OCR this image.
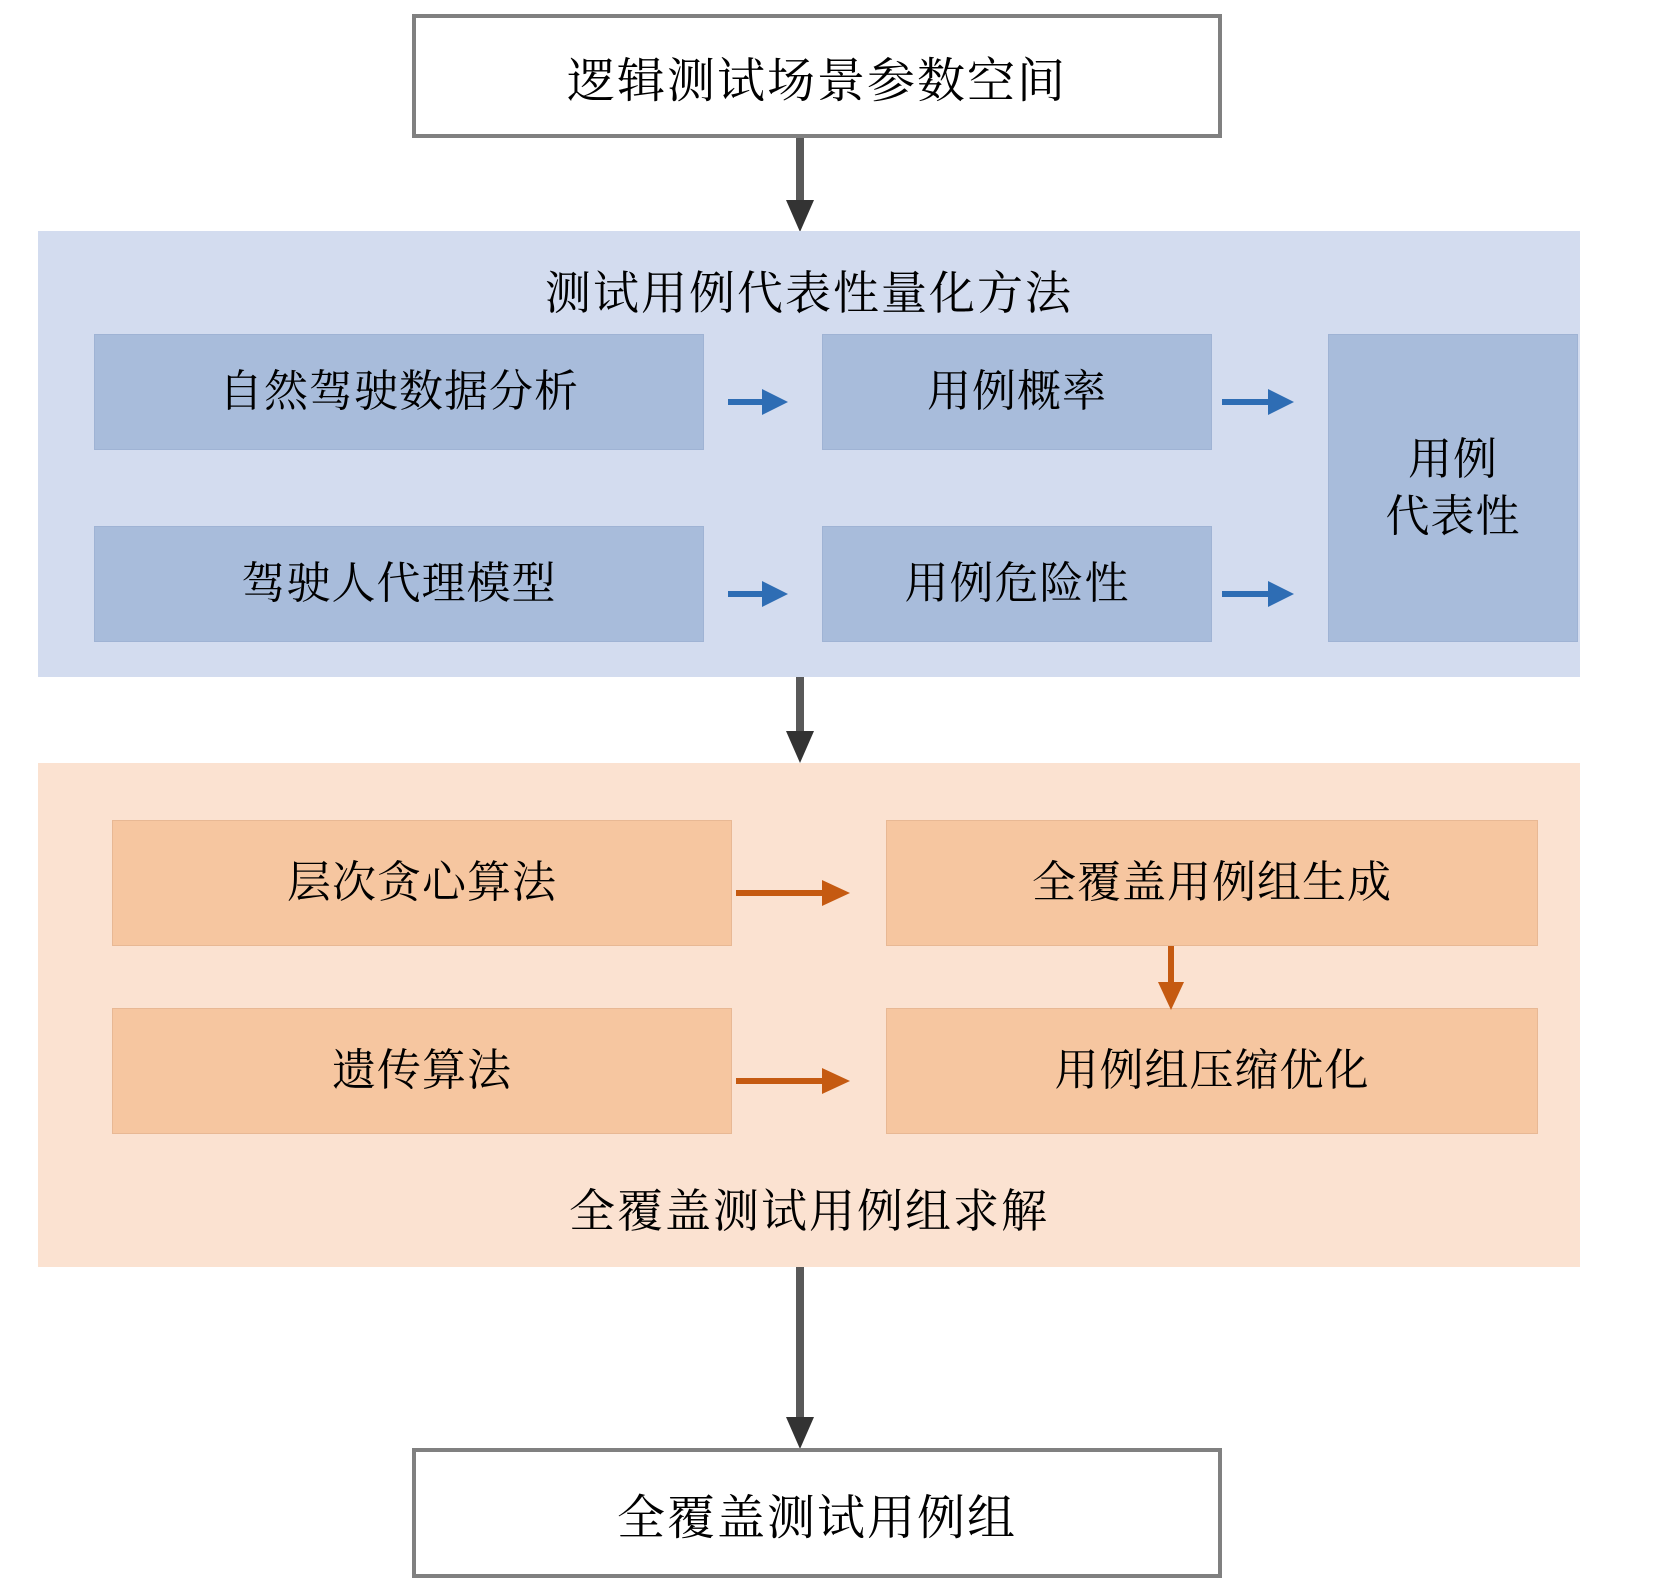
逻辑测试场景参数空间
测试用例代表性量化方法
自然驾驶数据分析
驾驶人代理模型
用例概率
用例危险性
用例
代表性
全覆盖测试用例组求解
层次贪心算法
遗传算法
全覆盖用例组生成
用例组压缩优化
全覆盖测试用例组
